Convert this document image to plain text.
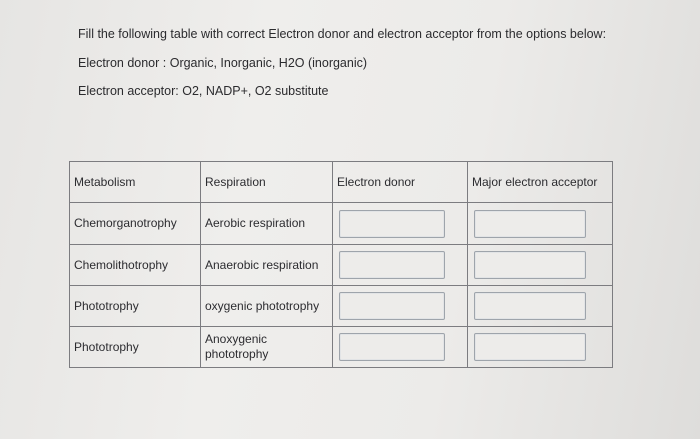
Fill the following table with correct Electron donor and electron acceptor from the options below:

Electron donor : Organic, Inorganic, H2O (inorganic)

Electron acceptor: O2, NADP+, O2 substitute

Metabolism	Respiration	Electron donor	Major electron acceptor

Chemorganotrophy	Aerobic respiration	

Chemolithotrophy	Anaerobic respiration	

Phototrophy	oxygenic phototrophy	

Phototrophy	Anoxygenic phototrophy	
